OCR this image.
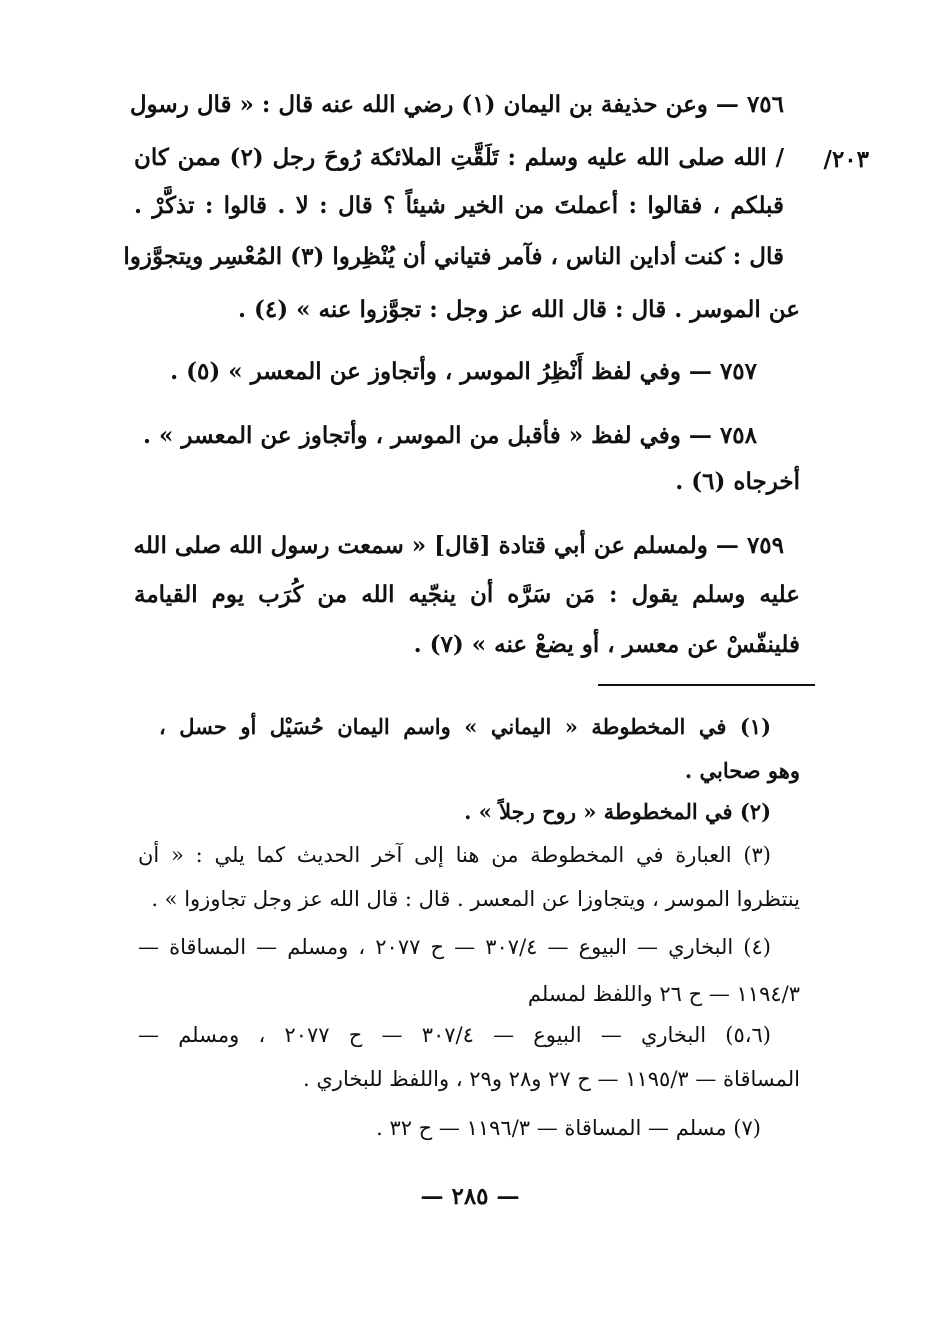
٢٠٣/
٧٥٦ — وعن حذيفة بن اليمان (١) رضي الله عنه قال : « قال رسول
/ الله صلى الله عليه وسلم : تَلَقَّتِ الملائكة رُوحَ رجل (٢) ممن كان
قبلكم ، فقالوا : أعملتَ من الخير شيئاً ؟ قال : لا . قالوا : تذكَّرْ .
قال : كنت أداين الناس ، فآمر فتياني أن يُنْظِروا (٣) المُعْسِر ويتجوَّزوا
عن الموسر . قال : قال الله عز وجل : تجوَّزوا عنه » (٤) .
٧٥٧ — وفي لفظ أَنْظِرُ الموسر ، وأتجاوز عن المعسر » (٥) .
٧٥٨ — وفي لفظ « فأقبل من الموسر ، وأتجاوز عن المعسر » .
أخرجاه (٦) .
٧٥٩ — ولمسلم عن أبي قتادة [قال] « سمعت رسول الله صلى الله
عليه وسلم يقول : مَن سَرَّه أن ينجّيه الله من كُرَب يوم القيامة
فلينفّسْ عن معسر ، أو يضعْ عنه » (٧) .
(١) في المخطوطة « اليماني » واسم اليمان حُسَيْل أو حسل ،
وهو صحابي .
(٢) في المخطوطة « روح رجلاً » .
(٣) العبارة في المخطوطة من هنا إلى آخر الحديث كما يلي : « أن
ينتظروا الموسر ، ويتجاوزا عن المعسر . قال : قال الله عز وجل تجاوزوا » .
(٤) البخاري — البيوع — ٣٠٧/٤ — ح ٢٠٧٧ ، ومسلم — المساقاة —
١١٩٤/٣ — ح ٢٦ واللفظ لمسلم
(٥،٦) البخاري — البيوع — ٣٠٧/٤ — ح ٢٠٧٧ ، ومسلم —
المساقاة — ١١٩٥/٣ — ح ٢٧ و٢٨ و٢٩ ، واللفظ للبخاري .
(٧) مسلم — المساقاة — ١١٩٦/٣ — ح ٣٢ .
— ٢٨٥ —
